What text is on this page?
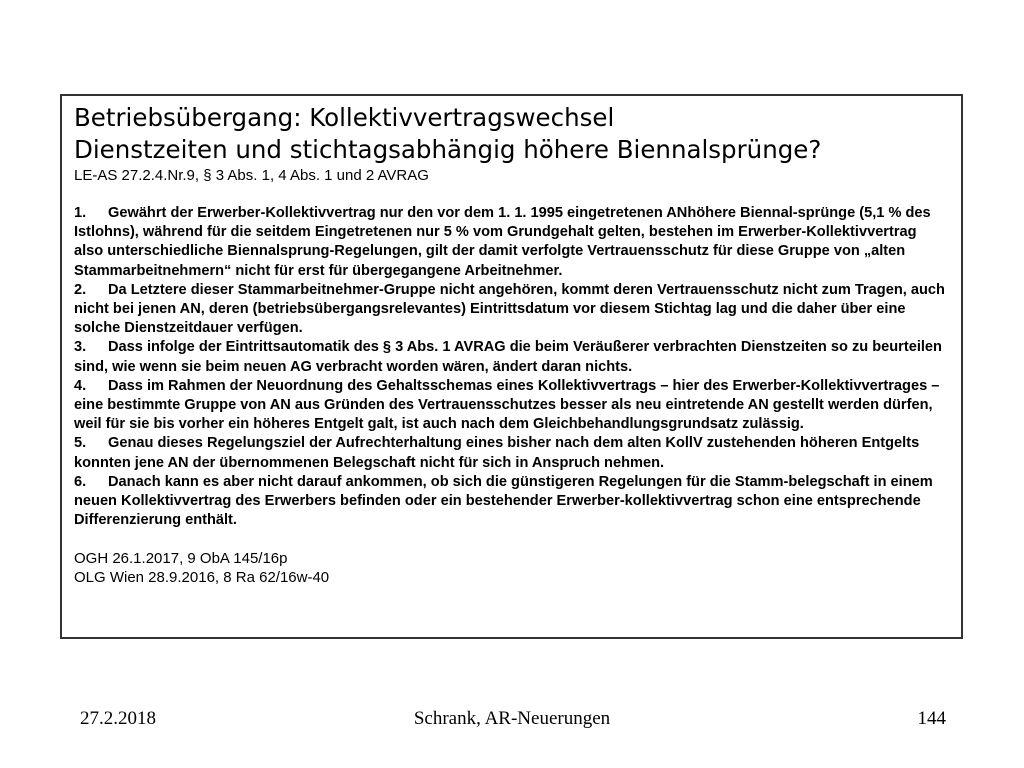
Betriebsübergang: Kollektivvertragswechsel
Dienstzeiten und stichtagsabhängig höhere Biennalsprünge?

LE-AS 27.2.4.Nr.9, § 3 Abs. 1, 4 Abs. 1 und 2 AVRAG

1. Gewährt der Erwerber-Kollektivvertrag nur den vor dem 1. 1. 1995 eingetretenen ANhöhere Biennal-sprünge (5,1 % des Istlohns), während für die seitdem Eingetretenen nur 5 % vom Grundgehalt gelten, bestehen im Erwerber-Kollektivvertrag also unterschiedliche Biennalsprung-Regelungen, gilt der damit verfolgte Vertrauensschutz für diese Gruppe von „alten Stammarbeitnehmern“ nicht für erst für übergegangene Arbeitnehmer.

2. Da Letztere dieser Stammarbeitnehmer-Gruppe nicht angehören, kommt deren Vertrauensschutz nicht zum Tragen, auch nicht bei jenen AN, deren (betriebsübergangsrelevantes) Eintrittsdatum vor diesem Stichtag lag und die daher über eine solche Dienstzeitdauer verfügen.

3. Dass infolge der Eintrittsautomatik des § 3 Abs. 1 AVRAG die beim Veräußerer verbrachten Dienstzeiten so zu beurteilen sind, wie wenn sie beim neuen AG verbracht worden wären, ändert daran nichts.

4. Dass im Rahmen der Neuordnung des Gehaltsschemas eines Kollektivvertrags – hier des Erwerber-Kollektivvertrages – eine bestimmte Gruppe von AN aus Gründen des Vertrauensschutzes besser als neu eintretende AN gestellt werden dürfen, weil für sie bis vorher ein höheres Entgelt galt, ist auch nach dem Gleichbehandlungsgrundsatz zulässig.

5. Genau dieses Regelungsziel der Aufrechterhaltung eines bisher nach dem alten KollV zustehenden höheren Entgelts konnten jene AN der übernommenen Belegschaft nicht für sich in Anspruch nehmen.

6. Danach kann es aber nicht darauf ankommen, ob sich die günstigeren Regelungen für die Stamm-belegschaft in einem neuen Kollektivvertrag des Erwerbers befinden oder ein bestehender Erwerber-kollektivvertrag schon eine entsprechende Differenzierung enthält.

OGH 26.1.2017, 9 ObA 145/16p

OLG Wien 28.9.2016, 8 Ra 62/16w-40

27.2.2018	Schrank, AR-Neuerungen	144
